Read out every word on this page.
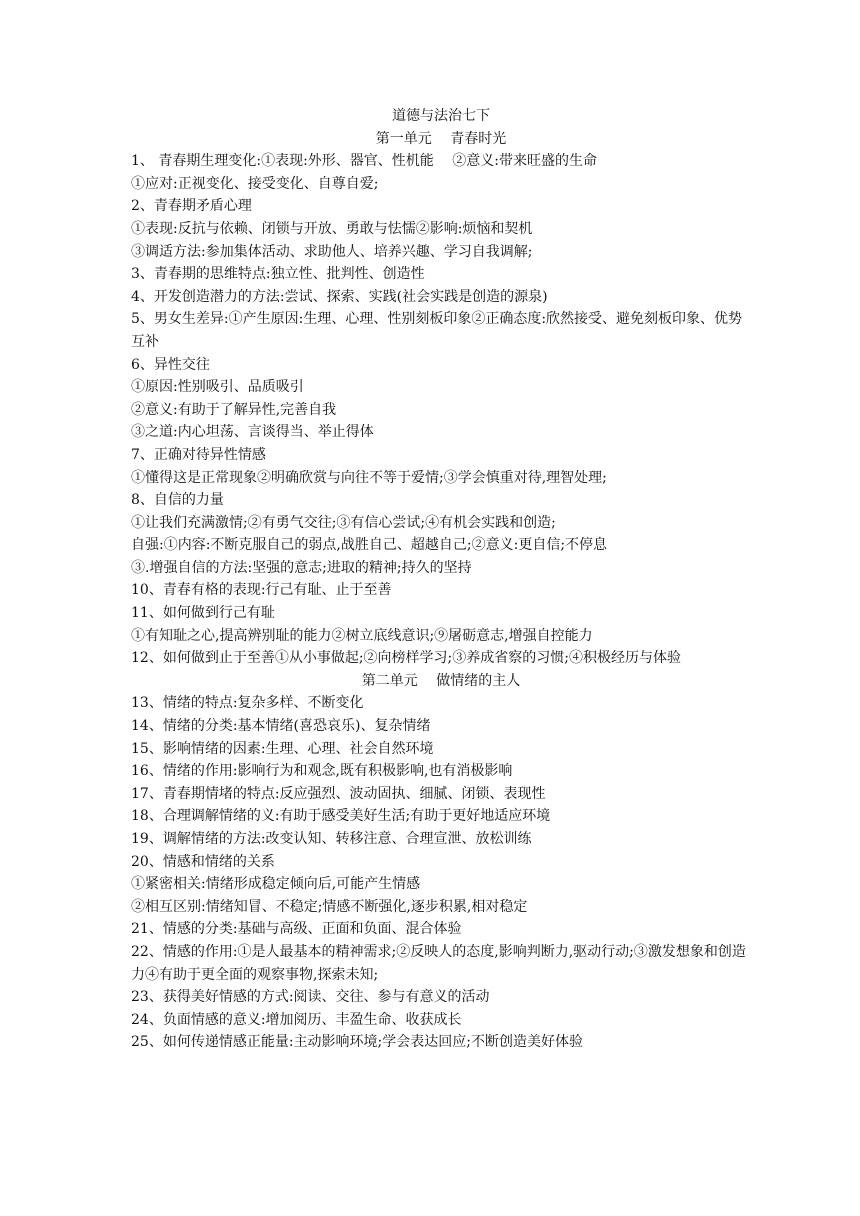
道德与法治七下
第一单元　 青春时光
1、 青春期生理变化:①表现:外形、器官、性机能　 ②意义:带来旺盛的生命
①应对:正视变化、接受变化、自尊自爱;
2、青春期矛盾心理
①表现:反抗与依赖、闭锁与开放、勇敢与怯懦②影响:烦恼和契机
③调适方法:参加集体活动、求助他人、培养兴趣、学习自我调解;
3、青春期的思维特点:独立性、批判性、创造性
4、开发创造潜力的方法:尝试、探索、实践(社会实践是创造的源泉)
5、男女生差异:①产生原因:生理、心理、性别刻板印象②正确态度:欣然接受、避免刻板印象、优势互补
6、异性交往
①原因:性别吸引、品质吸引
②意义:有助于了解异性,完善自我
③之道:内心坦荡、言谈得当、举止得体
7、正确对待异性情感
①懂得这是正常现象②明确欣赏与向往不等于爱情;③学会慎重对待,理智处理;
8、自信的力量
①让我们充满激情;②有勇气交往;③有信心尝试;④有机会实践和创造;
自强:①内容:不断克服自己的弱点,战胜自己、超越自己;②意义:更自信;不停息
③.增强自信的方法:坚强的意志;进取的精神;持久的坚持
10、青春有格的表现:行己有耻、止于至善
11、如何做到行己有耻
①有知耻之心,提高辨别耻的能力②树立底线意识;⑨屠砺意志,增强自控能力
12、如何做到止于至善①从小事做起;②向榜样学习;③养成省察的习惯;④积极经历与体验
第二单元　 做情绪的主人
13、情绪的特点:复杂多样、不断变化
14、情绪的分类:基本情绪(喜恐哀乐)、复杂情绪
15、影响情绪的因素:生理、心理、社会自然环境
16、情绪的作用:影响行为和观念,既有积极影响,也有消极影响
17、青春期情堵的特点:反应强烈、波动固执、细腻、闭锁、表现性
18、合理调解情绪的义:有助于感受美好生活;有助于更好地适应环境
19、调解情绪的方法:改变认知、转移注意、合理宣泄、放松训练
20、情感和情绪的关系
①紧密相关:情绪形成稳定倾向后,可能产生情感
②相互区别:情绪知冒、不稳定;情感不断强化,逐步积累,相对稳定
21、情感的分类:基础与高级、正面和负面、混合体验
22、情感的作用:①是人最基本的精神需求;②反映人的态度,影响判断力,驱动行动;③激发想象和创造力④有助于更全面的观察事物,探索未知;
23、获得美好情感的方式:阅读、交往、参与有意义的活动
24、负面情感的意义:增加阅历、丰盈生命、收获成长
25、如何传递情感正能量:主动影响环境;学会表达回应;不断创造美好体验
